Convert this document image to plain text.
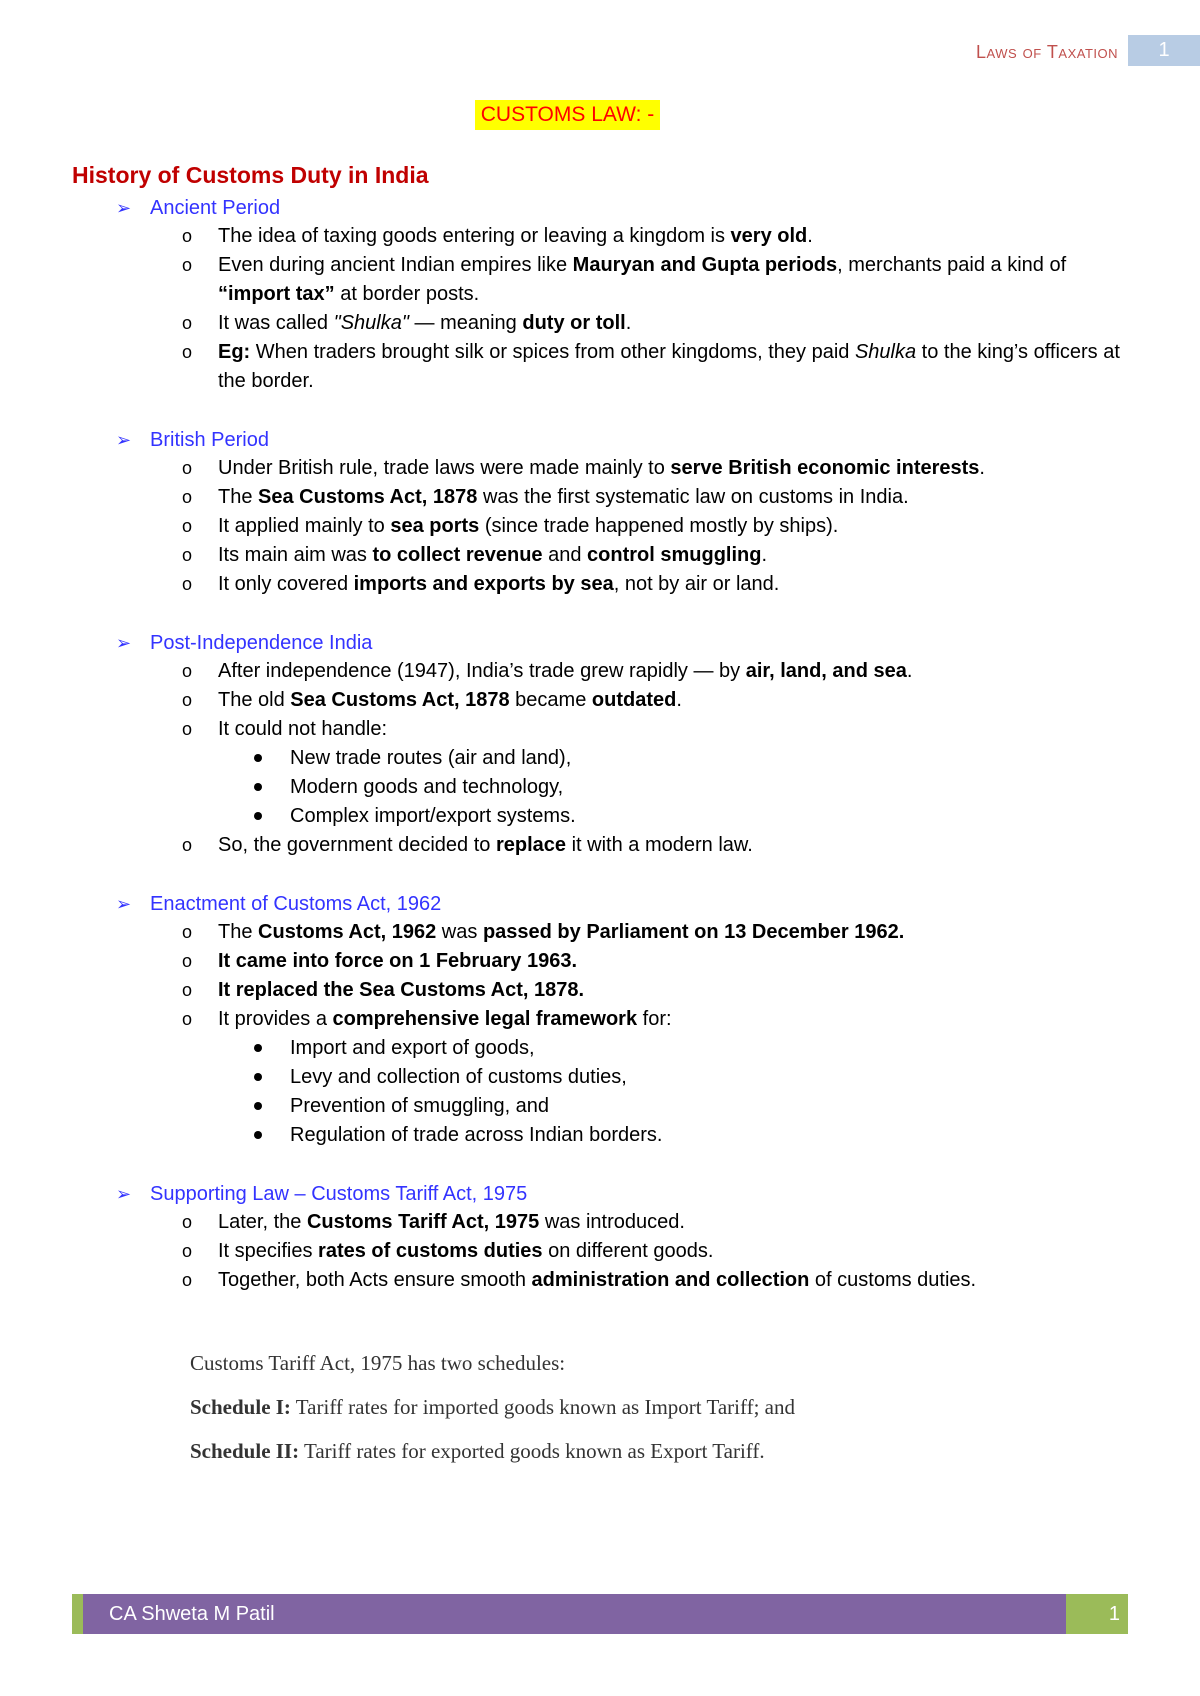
Laws of Taxation	1
CUSTOMS LAW: -
History of Customs Duty in India
➢ Ancient Period
o The idea of taxing goods entering or leaving a kingdom is very old.
o Even during ancient Indian empires like Mauryan and Gupta periods, merchants paid a kind of “import tax” at border posts.
o It was called "Shulka" — meaning duty or toll.
o Eg: When traders brought silk or spices from other kingdoms, they paid Shulka to the king’s officers at the border.
➢ British Period
o Under British rule, trade laws were made mainly to serve British economic interests.
o The Sea Customs Act, 1878 was the first systematic law on customs in India.
o It applied mainly to sea ports (since trade happened mostly by ships).
o Its main aim was to collect revenue and control smuggling.
o It only covered imports and exports by sea, not by air or land.
➢ Post-Independence India
o After independence (1947), India’s trade grew rapidly — by air, land, and sea.
o The old Sea Customs Act, 1878 became outdated.
o It could not handle:
New trade routes (air and land),
Modern goods and technology,
Complex import/export systems.
o So, the government decided to replace it with a modern law.
➢ Enactment of Customs Act, 1962
o The Customs Act, 1962 was passed by Parliament on 13 December 1962.
o It came into force on 1 February 1963.
o It replaced the Sea Customs Act, 1878.
o It provides a comprehensive legal framework for:
Import and export of goods,
Levy and collection of customs duties,
Prevention of smuggling, and
Regulation of trade across Indian borders.
➢ Supporting Law – Customs Tariff Act, 1975
o Later, the Customs Tariff Act, 1975 was introduced.
o It specifies rates of customs duties on different goods.
o Together, both Acts ensure smooth administration and collection of customs duties.

Customs Tariff Act, 1975 has two schedules:

Schedule I: Tariff rates for imported goods known as Import Tariff; and

Schedule II: Tariff rates for exported goods known as Export Tariff.

CA Shweta M Patil	1
